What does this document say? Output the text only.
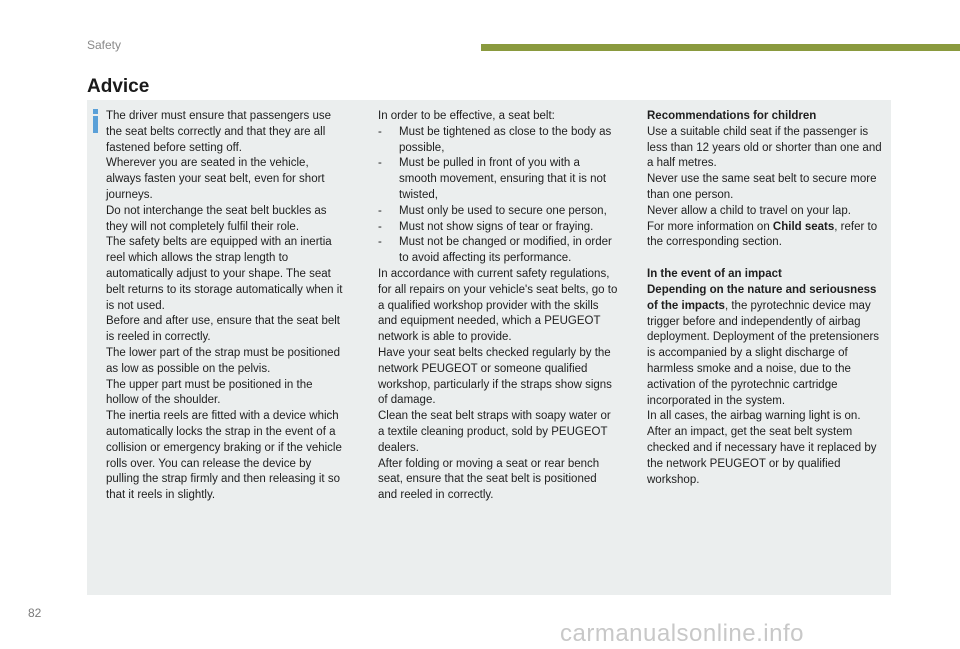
Safety
Advice

The driver must ensure that passengers use the seat belts correctly and that they are all fastened before setting off.

Wherever you are seated in the vehicle, always fasten your seat belt, even for short journeys.

Do not interchange the seat belt buckles as they will not completely fulfil their role.

The safety belts are equipped with an inertia reel which allows the strap length to automatically adjust to your shape. The seat belt returns to its storage automatically when it is not used.

Before and after use, ensure that the seat belt is reeled in correctly.

The lower part of the strap must be positioned as low as possible on the pelvis.

The upper part must be positioned in the hollow of the shoulder.

The inertia reels are fitted with a device which automatically locks the strap in the event of a collision or emergency braking or if the vehicle rolls over. You can release the device by pulling the strap firmly and then releasing it so that it reels in slightly.

In order to be effective, a seat belt:

- Must be tightened as close to the body as possible,
- Must be pulled in front of you with a smooth movement, ensuring that it is not twisted,
- Must only be used to secure one person,
- Must not show signs of tear or fraying.
- Must not be changed or modified, in order to avoid affecting its performance.

In accordance with current safety regulations, for all repairs on your vehicle's seat belts, go to a qualified workshop provider with the skills and equipment needed, which a PEUGEOT network is able to provide.

Have your seat belts checked regularly by the network PEUGEOT or someone qualified workshop, particularly if the straps show signs of damage.

Clean the seat belt straps with soapy water or a textile cleaning product, sold by PEUGEOT dealers.

After folding or moving a seat or rear bench seat, ensure that the seat belt is positioned and reeled in correctly.

Recommendations for children

Use a suitable child seat if the passenger is less than 12 years old or shorter than one and a half metres.

Never use the same seat belt to secure more than one person.

Never allow a child to travel on your lap.

For more information on Child seats, refer to the corresponding section.

In the event of an impact

Depending on the nature and seriousness of the impacts, the pyrotechnic device may trigger before and independently of airbag deployment. Deployment of the pretensioners is accompanied by a slight discharge of harmless smoke and a noise, due to the activation of the pyrotechnic cartridge incorporated in the system.

In all cases, the airbag warning light is on.

After an impact, get the seat belt system checked and if necessary have it replaced by the network PEUGEOT or by qualified workshop.

82
carmanualsonline.info
